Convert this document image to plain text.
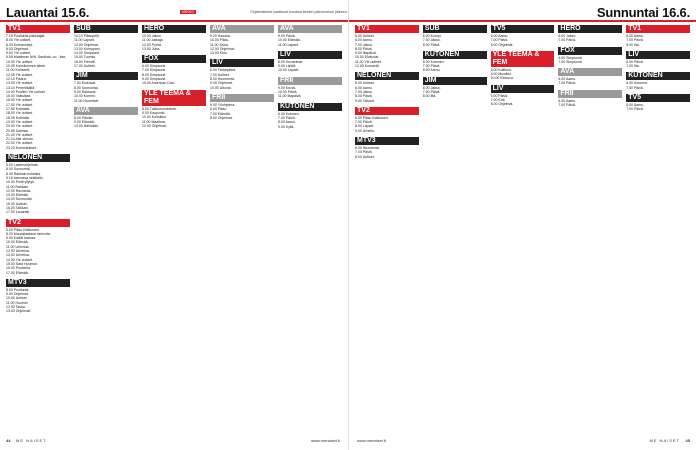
Lauantai 15.6.	VIIKKO	Ohjelmatiedot saattavat muuttua lehden painomenon jälkeen.
TV1
7.15 Puoliunta pakkaajat.
8.00 Yle uutiset.
8.03 Komanolepi.
8.53 Ohjelmat.
9.50 Yle uutiset.
9.55 Maailman NHL Sardinia, oo - Itse.
10.00 Yle uutiset.
10.05 Kolmikolmen alinte.
11.00 Konsertti.
12.05 Yle uutiset.
12.10 Pisara.
13.00 Yle uutiset.
13.10 Perheitkäitä.
14.00 Puolien Yle uutiset.
15.00 Vaikuttaa.
16.00 Yle uutiset.
17.00 Yle uutiset.
17.55 Kotimäki.
18.00 Yle uutiset.
18.25 Kotimäki.
19.00 Yle uutiset.
20.00 Yle uutiset.
20.55 Saimaa.
21.00 Yle uutiset.
21.10 Alla olevan.
22.00 Yle uutiset.
23.20 Kummitukset.
NELONEN
6.00 Lastenohjelmat.
8.00 Sunnuntai.
8.30 Rakkain kokkaila.
9.15 Aamussa seikkailu.
10.00 Pintti yllytys.
11.00 Rakkain.
12.00 Ravintola.
13.00 Elämää.
14.00 Sunnuntai.
15.00 Uutiset.
16.00 Talkkari.
17.00 Lauantai.
TV2
6.00 Pikku Kakkonen.
8.20 Muumilaakson tarinoita.
9.00 Kaikki kasvaa.
10.00 Elämää.
11.00 Urheilua.
12.00 Urheilua.
13.00 Urheilua.
14.00 Yle uutiset.
15.00 Sara Huumori.
16.00 Puutarha.
17.00 Elämää.
MTV3
8.00 Puoliunta.
9.00 Ohjelmat.
10.00 Uutiset.
11.00 Huomio.
12.00 Tauko.
13.00 Ohjelmat.
SUB
10.10 Pikkupelit.
11.00 Lapset.
12.00 Ohjelmat.
13.00 Kumppani.
14.00 Simpsonit.
15.00 Tuomio.
16.00 Frendit.
17.00 Uutiset.
JIM
7.00 Elokuvat.
8.00 Sunnuntai.
9.00 Rakkaus.
10.00 Kummi.
11.00 Huomiset.
AVA
8.00 Päivän.
9.00 Elämää.
10.00 Nähdään.
HERO
10.00 Jakso.
11.00 Jatkaja.
12.00 Pyörä.
13.00 Juha.
FOX
6.00 Simpsonit.
7.00 Simpsonit.
8.00 Simpsonit.
9.00 Simpsonit.
10.00 American Dad.
YLE TEEMA & FEM
8.00 Tuikkumuotoinen.
9.00 Kaupunki.
10.00 Kolmikko.
11.00 Maailma.
12.00 Ohjelmat.
AVA
9.20 Hauska.
10.00 Pikku.
11.00 Sana.
12.00 Ohjelmat.
13.00 Kino.
LIV
6.00 Tiistaipäivä.
7.00 Uutiset.
8.00 Huomenta.
9.00 Ohjelmat.
10.00 Ulkona.
FRII
5.00 Yöohjelma.
6.00 Pikku.
7.00 Elämää.
8.00 Ohjelmat.
AVA
9.00 Päivä.
10.00 Elämää.
11.00 Lapset.
LIV
8.00 Kuvaelmat.
9.00 Lähiöt.
10.00 Lapset.
FRII
9.00 Kuvat.
10.00 Päivä.
11.00 Iltapäivä.
KUTONEN
6.00 Kutonen.
7.00 Päivä.
8.00 Aamu.
9.00 Kyllä.
44 ME NAISET	www.menaiset.fi
Sunnuntai 16.6.
TV1
5.00 Uutiset.
6.00 Aamu.
7.00 Jakso.
8.00 Päivä.
9.00 Iltapäivä.
10.00 Elokuvat.
11.00 Yle uutiset.
12.00 Konsertti.
NELONEN
5.00 Uutiset.
6.00 Aamu.
7.00 Jakso.
8.00 Päivä.
9.00 Talkoot.
TV2
6.00 Pikku Kakkonen.
7.00 Päivä.
8.00 Lapset.
9.00 Urheilu.
MTV3
6.00 Huomenta.
7.00 Päivä.
8.00 Uutiset.
SUB
6.00 Kumpi.
7.00 Jakso.
8.00 Päivä.
KUTONEN
6.00 Kutonen.
7.00 Päivä.
8.00 Aamu.
JIM
6.00 Jakso.
7.00 Päivä.
8.00 Ilta.
TV5
6.00 Aamu.
7.00 Päivä.
8.00 Ohjelmat.
YLE TEEMA & FEM
8.00 Kulttuuri.
9.00 Musiikki.
10.00 Elokuva.
LIV
6.00 Päivä.
7.00 Koti.
8.00 Ohjelmat.
HERO
6.00 Jakso.
7.00 Päivä.
FOX
6.00 Simpsonit.
7.00 Simpsonit.
AVA
6.00 Aamu.
7.00 Päivä.
FRII
6.00 Aamu.
7.00 Päivä.
TV1
6.00 Aamu.
7.00 Päivä.
8.00 Ilta.
LIV
6.00 Päivä.
7.00 Ilta.
KUTONEN
6.00 Kutonen.
7.00 Päivä.
TV5
6.00 Aamu.
7.00 Päivä.
www.menaiset.fi	ME NAISET 45
